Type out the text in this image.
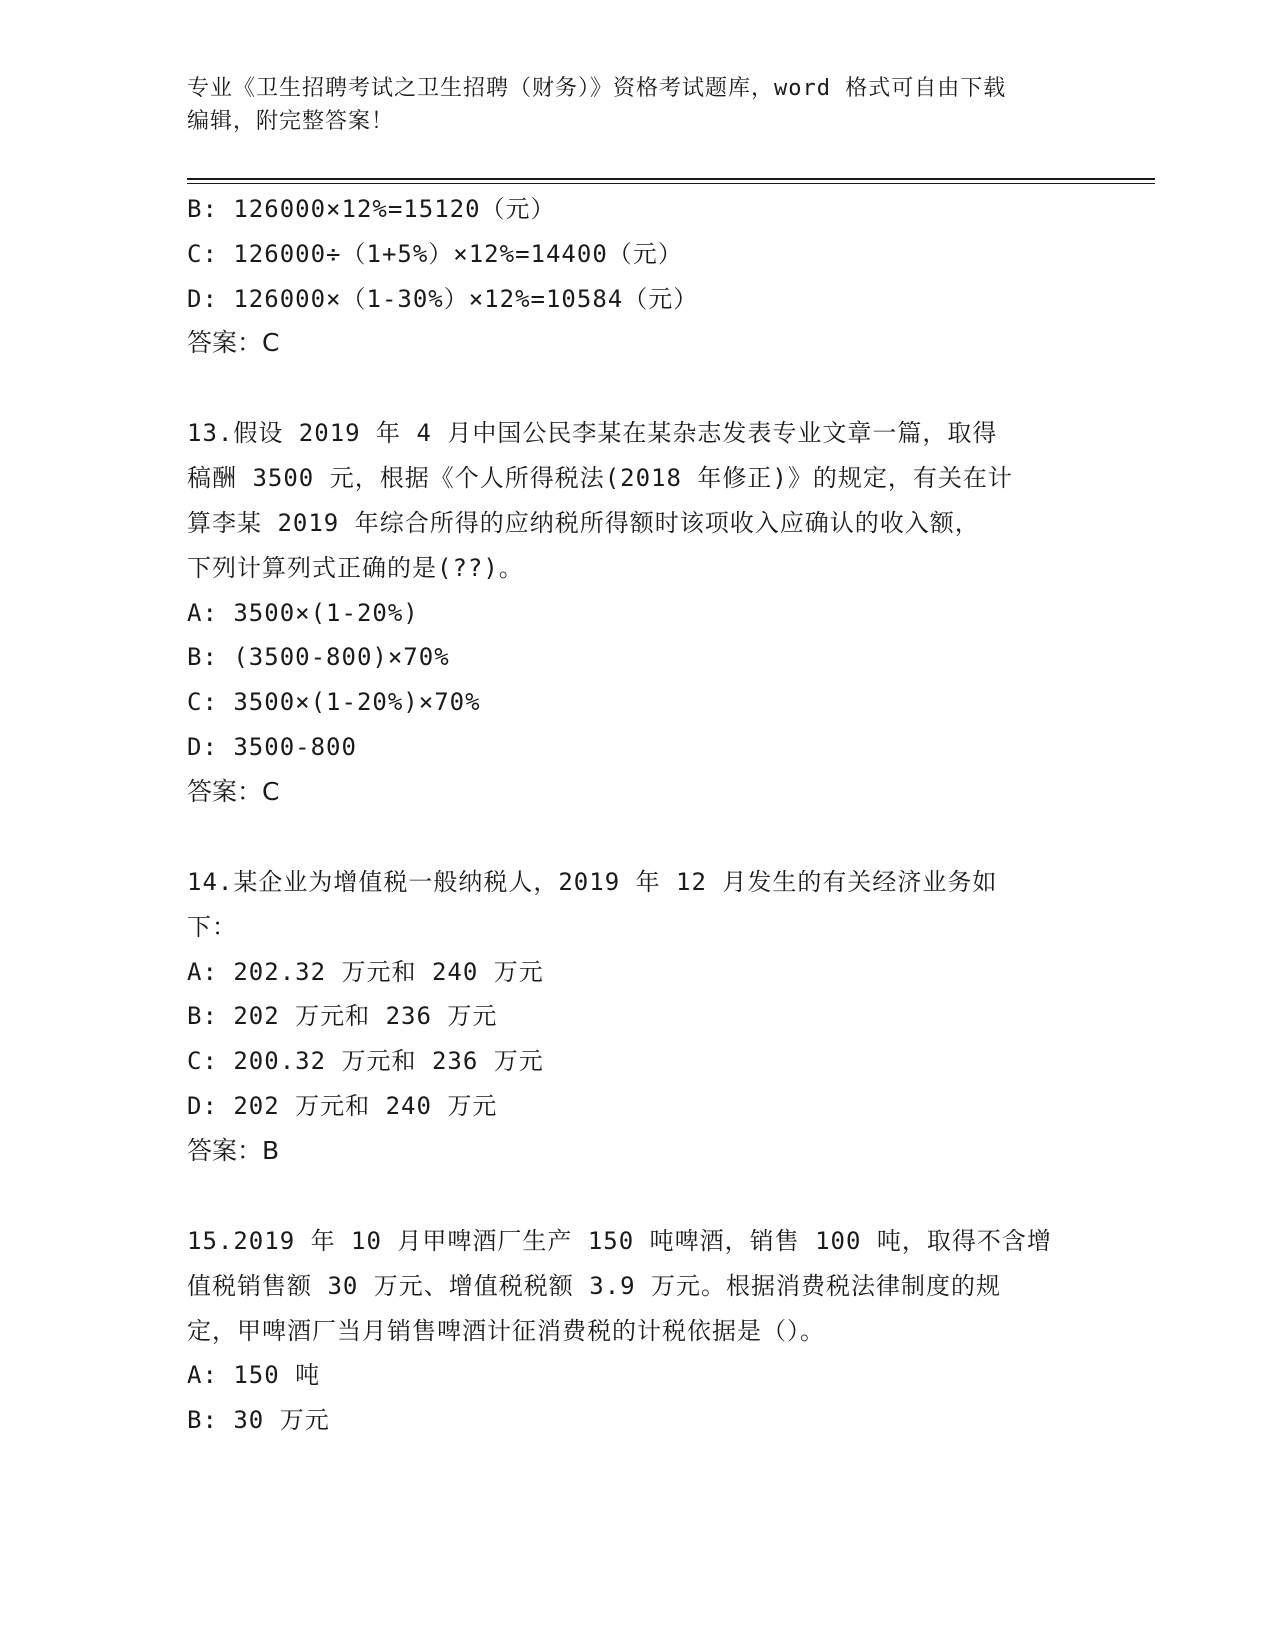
专业《卫生招聘考试之卫生招聘（财务）》资格考试题库，word 格式可自由下载
编辑，附完整答案！
B: 126000×12%=15120（元）
C: 126000÷（1+5%）×12%=14400（元）
D: 126000×（1-30%）×12%=10584（元）
答案：C
13.假设 2019 年 4 月中国公民李某在某杂志发表专业文章一篇，取得
稿酬 3500 元，根据《个人所得税法(2018 年修正)》的规定，有关在计
算李某 2019 年综合所得的应纳税所得额时该项收入应确认的收入额，
下列计算列式正确的是(??)。
A: 3500×(1-20%)
B: (3500-800)×70%
C: 3500×(1-20%)×70%
D: 3500-800
答案：C
14.某企业为增值税一般纳税人，2019 年 12 月发生的有关经济业务如
下：
A: 202.32 万元和 240 万元
B: 202 万元和 236 万元
C: 200.32 万元和 236 万元
D: 202 万元和 240 万元
答案：B
15.2019 年 10 月甲啤酒厂生产 150 吨啤酒，销售 100 吨，取得不含增
值税销售额 30 万元、增值税税额 3.9 万元。根据消费税法律制度的规
定，甲啤酒厂当月销售啤酒计征消费税的计税依据是（）。
A: 150 吨
B: 30 万元
